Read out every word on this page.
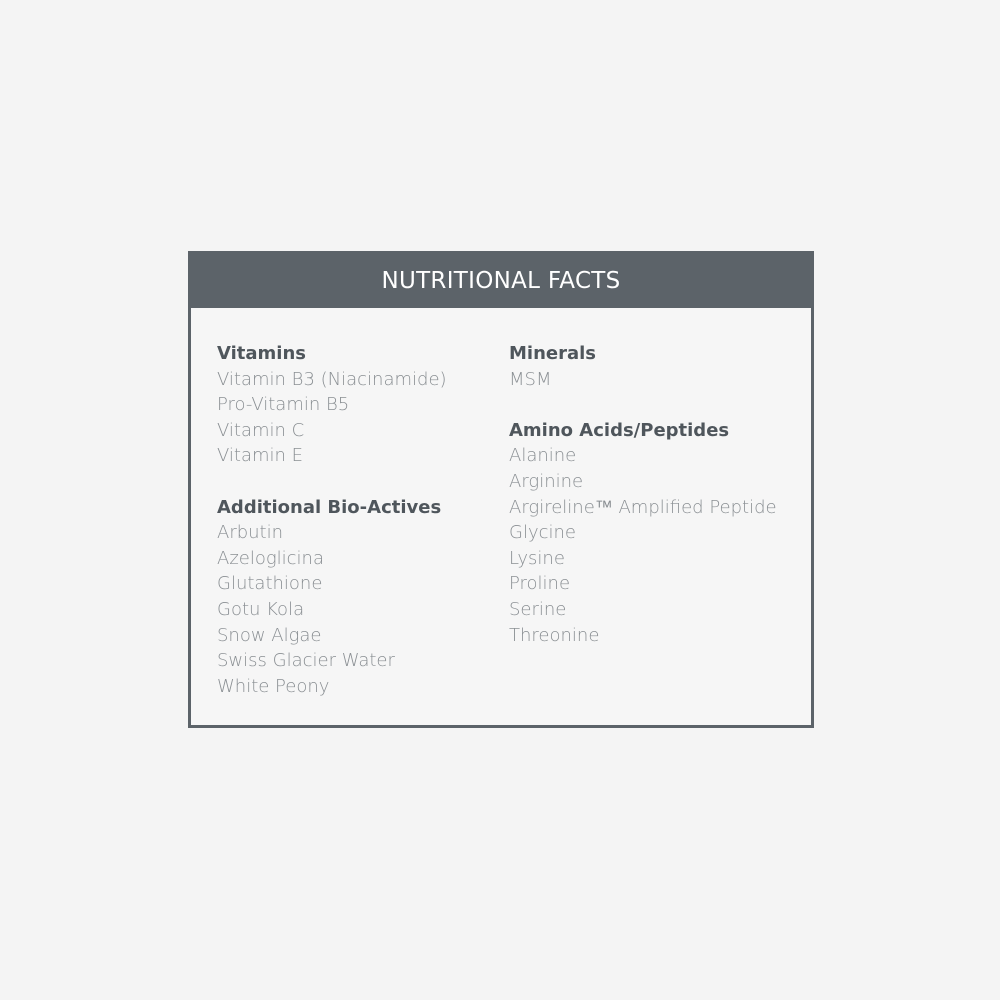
NUTRITIONAL FACTS
Vitamins
Vitamin B3 (Niacinamide)
Pro-Vitamin B5
Vitamin C
Vitamin E
Additional Bio-Actives
Arbutin
Azeloglicina
Glutathione
Gotu Kola
Snow Algae
Swiss Glacier Water
White Peony
Minerals
MSM
Amino Acids/Peptides
Alanine
Arginine
Argireline™ Amplified Peptide
Glycine
Lysine
Proline
Serine
Threonine
